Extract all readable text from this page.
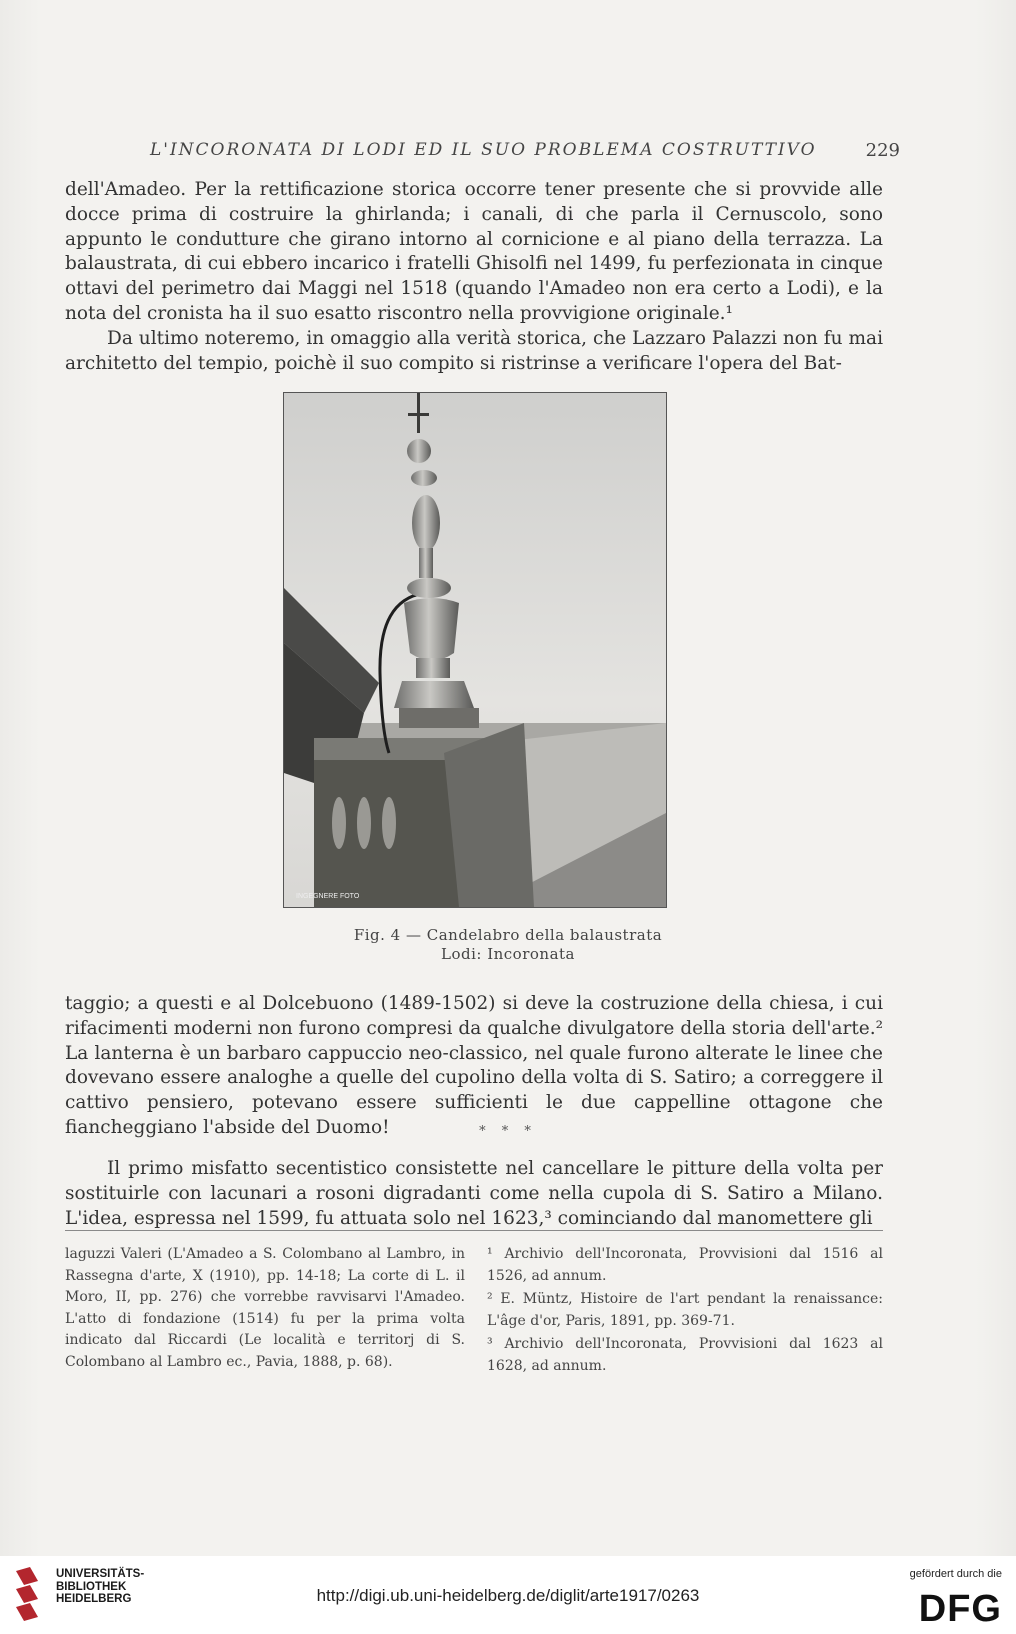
L'INCORONATA DI LODI ED IL SUO PROBLEMA COSTRUTTIVO	229

dell'Amadeo. Per la rettificazione storica occorre tener presente che si provvide alle docce prima di costruire la ghirlanda; i canali, di che parla il Cernuscolo, sono appunto le condutture che girano intorno al cornicione e al piano della terrazza. La balaustrata, di cui ebbero incarico i fratelli Ghisolfi nel 1499, fu perfezionata in cinque ottavi del perimetro dai Maggi nel 1518 (quando l'Amadeo non era certo a Lodi), e la nota del cronista ha il suo esatto riscontro nella provvigione originale.¹

Da ultimo noteremo, in omaggio alla verità storica, che Lazzaro Palazzi non fu mai architetto del tempio, poichè il suo compito si ristrinse a verificare l'opera del Bat-

INGEGNERE FOTO
Fig. 4 — Candelabro della balaustrata
Lodi: Incoronata

taggio; a questi e al Dolcebuono (1489-1502) si deve la costruzione della chiesa, i cui rifacimenti moderni non furono compresi da qualche divulgatore della storia dell'arte.² La lanterna è un barbaro cappuccio neo-classico, nel quale furono alterate le linee che dovevano essere analoghe a quelle del cupolino della volta di S. Satiro; a correggere il cattivo pensiero, potevano essere sufficienti le due cappelline ottagone che fiancheggiano l'abside del Duomo!	* * *

Il primo misfatto secentistico consistette nel cancellare le pitture della volta per sostituirle con lacunari a rosoni digradanti come nella cupola di S. Satiro a Milano. L'idea, espressa nel 1599, fu attuata solo nel 1623,³ cominciando dal manomettere gli

laguzzi Valeri (L'Amadeo a S. Colombano al Lambro, in Rassegna d'arte, X (1910), pp. 14-18; La corte di L. il Moro, II, pp. 276) che vorrebbe ravvisarvi l'Amadeo. L'atto di fondazione (1514) fu per la prima volta indicato dal Riccardi (Le località e territorj di S. Colombano al Lambro ec., Pavia, 1888, p. 68).

¹ Archivio dell'Incoronata, Provvisioni dal 1516 al 1526, ad annum.

² E. Müntz, Histoire de l'art pendant la renaissance: L'âge d'or, Paris, 1891, pp. 369-71.

³ Archivio dell'Incoronata, Provvisioni dal 1623 al 1628, ad annum.

UNIVERSITÄTS-
BIBLIOTHEK
HEIDELBERG	http://digi.ub.uni-heidelberg.de/diglit/arte1917/0263
gefördert durch die
DFG
